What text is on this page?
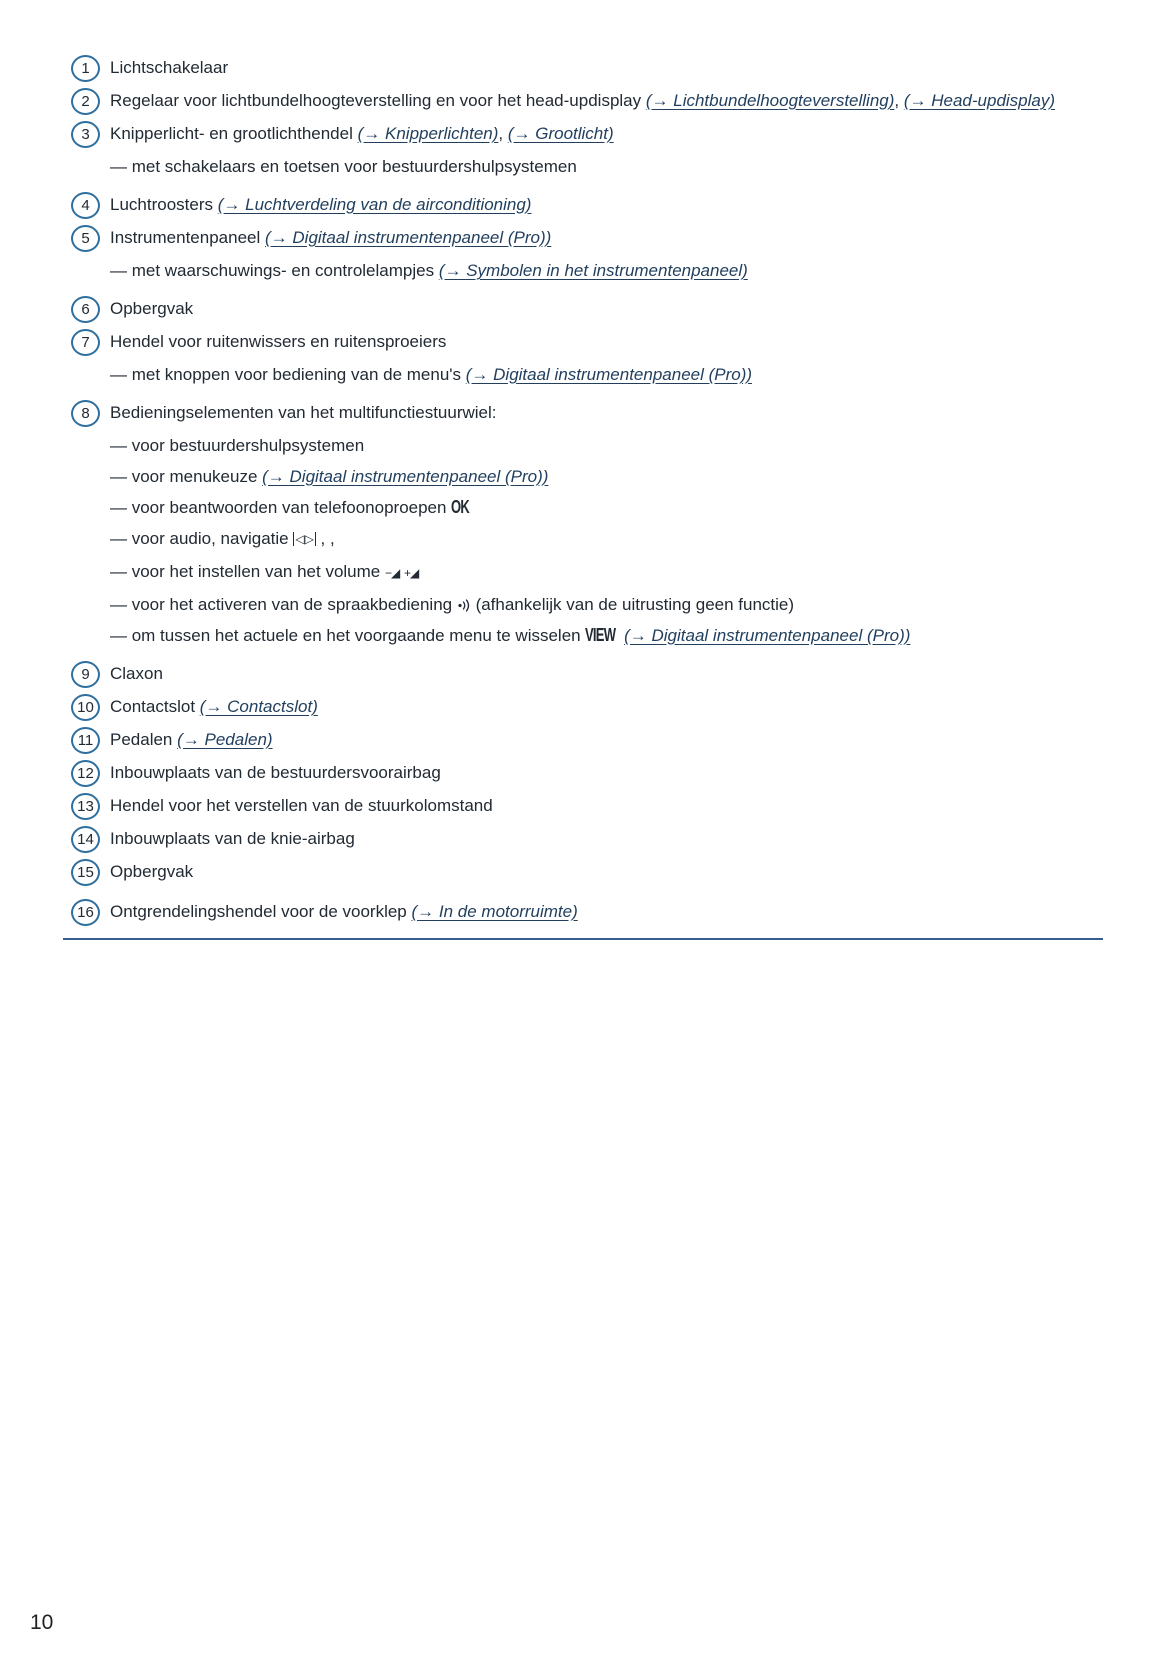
1	Lichtschakelaar
2	Regelaar voor lichtbundelhoogteverstelling en voor het head-updisplay (→ Lichtbundelhoogteverstelling), (→ Head-updisplay)
3	Knipperlicht- en grootlichthendel (→ Knipperlichten), (→ Grootlicht)
— met schakelaars en toetsen voor bestuurdershulpsystemen
4	Luchtroosters (→ Luchtverdeling van de airconditioning)
5	Instrumentenpaneel (→ Digitaal instrumentenpaneel (Pro))
— met waarschuwings- en controlelampjes (→ Symbolen in het instrumentenpaneel)
6	Opbergvak
7	Hendel voor ruitenwissers en ruitensproeiers
— met knoppen voor bediening van de menu's (→ Digitaal instrumentenpaneel (Pro))
8	Bedieningselementen van het multifunctiestuurwiel:
— voor bestuurdershulpsystemen
— voor menukeuze (→ Digitaal instrumentenpaneel (Pro))
— voor beantwoorden van telefoonoproepen OK
— voor audio, navigatie ◁▷ , ,
— voor het instellen van het volume −◢ +◢
— voor het activeren van de spraakbediening  (afhankelijk van de uitrusting geen functie)
— om tussen het actuele en het voorgaande menu te wisselen VIEW (→ Digitaal instrumentenpaneel (Pro))
9	Claxon
10 Contactslot (→ Contactslot)
11 Pedalen (→ Pedalen)
12 Inbouwplaats van de bestuurdersvoorairbag
13 Hendel voor het verstellen van de stuurkolomstand
14 Inbouwplaats van de knie-airbag
15 Opbergvak
16 Ontgrendelingshendel voor de voorklep (→ In de motorruimte)
10
